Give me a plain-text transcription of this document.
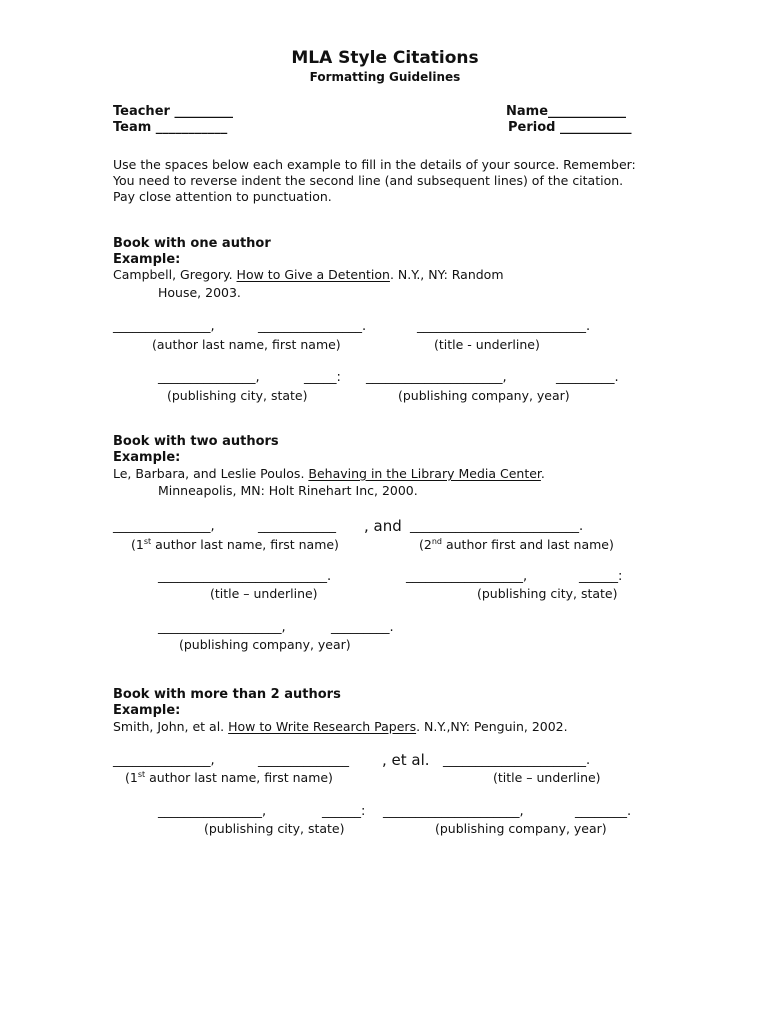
MLA Style Citations
Formatting Guidelines
Teacher _________
Team ___________
Name____________
Period ___________
Use the spaces below each example to fill in the details of your source. Remember:
You need to reverse indent the second line (and subsequent lines) of the citation.
Pay close attention to punctuation.
Book with one author
Example:
Campbell, Gregory. How to Give a Detention. N.Y., NY: Random
House, 2003.
_______________,	________________.	__________________________.
(author last name, first name)	(title - underline)
_______________,	_____: _____________________,	_________.
(publishing city, state)	(publishing company, year)
Book with two authors
Example:
Le, Barbara, and Leslie Poulos. Behaving in the Library Media Center.
Minneapolis, MN: Holt Rinehart Inc, 2000.
_______________,	____________ , and __________________________.
(1st author last name, first name)	(2nd author first and last name)
__________________________.	__________________,	______:
(title – underline)	(publishing city, state)
___________________,	_________.
(publishing company, year)
Book with more than 2 authors
Example:
Smith, John, et al. How to Write Research Papers. N.Y.,NY: Penguin, 2002.
_______________,	______________ , et al. ______________________.
(1st author last name, first name)	(title – underline)
________________,	______: _____________________,	________.
(publishing city, state)	(publishing company, year)
